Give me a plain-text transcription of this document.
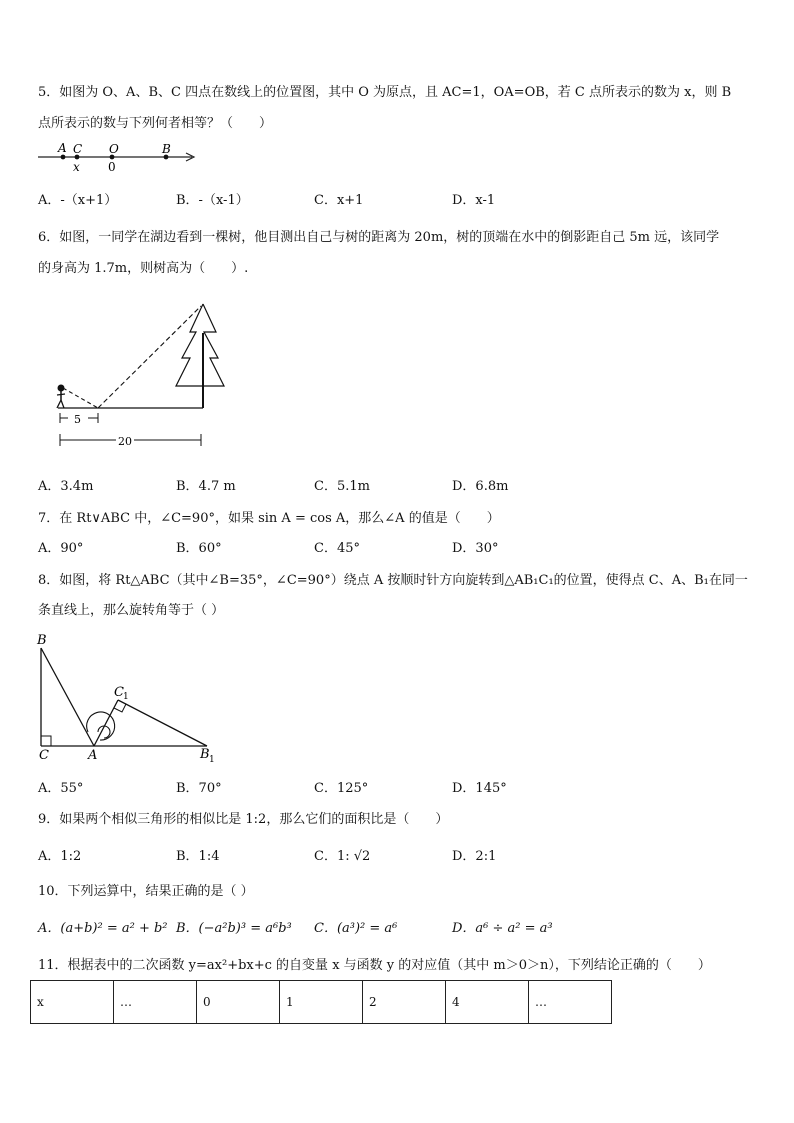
5．如图为 O、A、B、C 四点在数线上的位置图，其中 O 为原点，且 AC=1，OA=OB，若 C 点所表示的数为 x，则 B
点所表示的数与下列何者相等？（　　）
A C O	B
x 0
A．-（x+1）	B．-（x-1）	C．x+1	D．x-1
6．如图，一同学在湖边看到一棵树，他目测出自己与树的距离为 20m，树的顶端在水中的倒影距自己 5m 远，该同学
的身高为 1.7m，则树高为（　　）.
5
20
A．3.4m	B．4.7 m	C．5.1m	D．6.8m
7．在 Rt∨ABC 中，∠C=90°，如果 sin A = cos A，那么∠A 的值是（　　）
A．90°	B．60°	C．45°	D．30°
8．如图，将 Rt△ABC（其中∠B=35°，∠C=90°）绕点 A 按顺时针方向旋转到△AB₁C₁的位置，使得点 C、A、B₁在同一
条直线上，那么旋转角等于（ ）
B
C	A
C 1
B 1
A．55°	B．70°	C．125°	D．145°
9．如果两个相似三角形的相似比是 1:2，那么它们的面积比是（　　）
A．1:2	B．1:4	C．1: √2	D．2:1
10．下列运算中，结果正确的是（ ）
A．(a+b)² = a² + b² B．(−a²b)³ = a⁶b³ C．(a³)² = a⁶	D．a⁶ ÷ a² = a³
11．根据表中的二次函数 y=ax²+bx+c 的自变量 x 与函数 y 的对应值（其中 m＞0＞n），下列结论正确的（　　）
x	…	0	1	2	4	…
